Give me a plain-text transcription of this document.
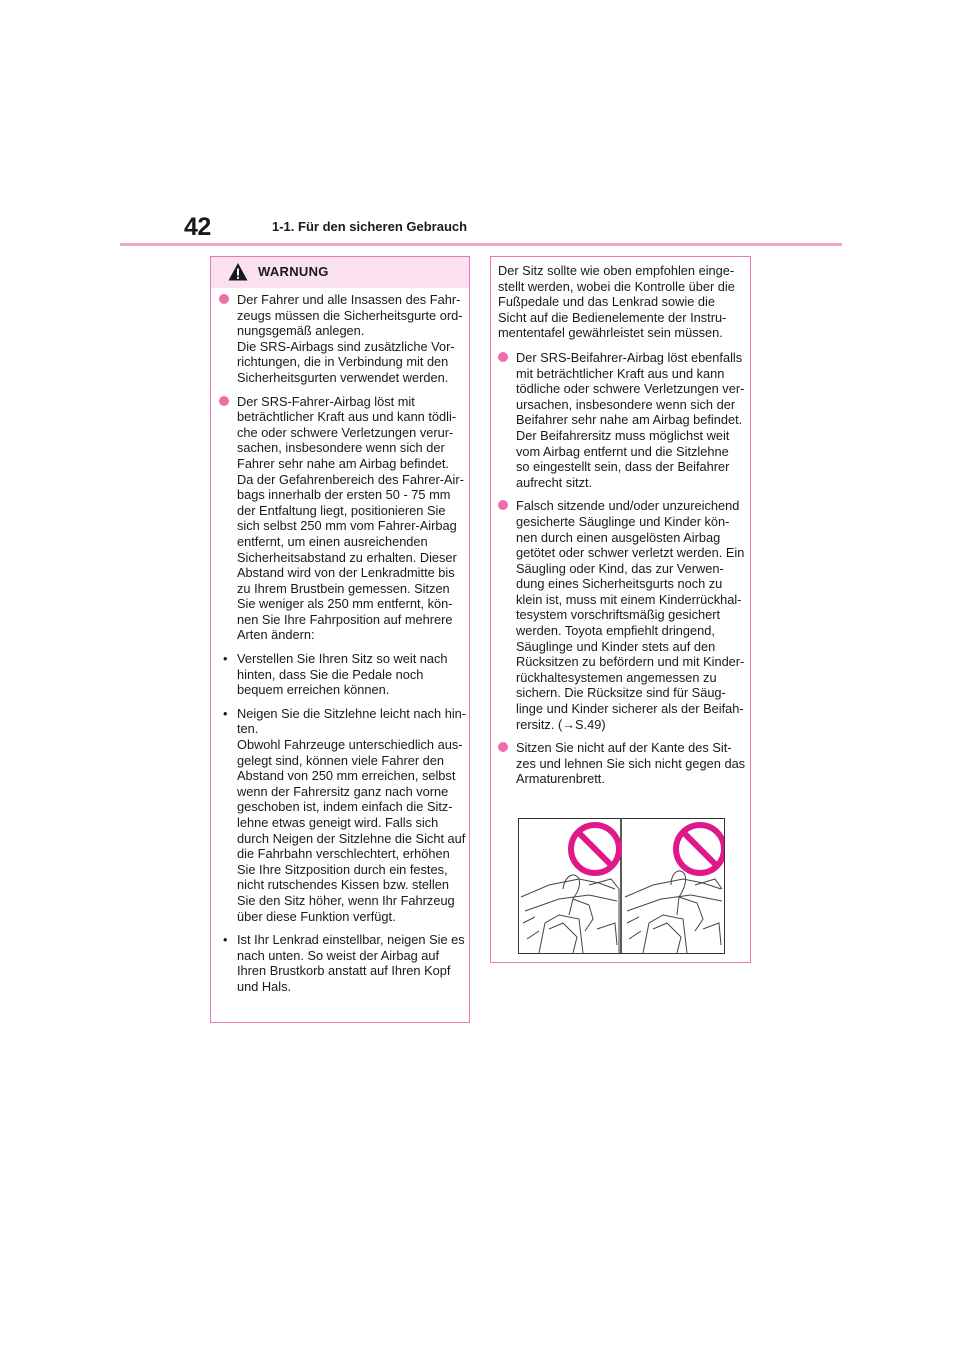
42	1-1. Für den sicheren Gebrauch
WARNUNG
Der Fahrer und alle Insassen des Fahr-
zeugs müssen die Sicherheitsgurte ord-
nungsgemäß anlegen.
Die SRS-Airbags sind zusätzliche Vor-
richtungen, die in Verbindung mit den
Sicherheitsgurten verwendet werden.
Der SRS-Fahrer-Airbag löst mit
beträchtlicher Kraft aus und kann tödli-
che oder schwere Verletzungen verur-
sachen, insbesondere wenn sich der
Fahrer sehr nahe am Airbag befindet.
Da der Gefahrenbereich des Fahrer-Air-
bags innerhalb der ersten 50 - 75 mm
der Entfaltung liegt, positionieren Sie
sich selbst 250 mm vom Fahrer-Airbag
entfernt, um einen ausreichenden
Sicherheitsabstand zu erhalten. Dieser
Abstand wird von der Lenkradmitte bis
zu Ihrem Brustbein gemessen. Sitzen
Sie weniger als 250 mm entfernt, kön-
nen Sie Ihre Fahrposition auf mehrere
Arten ändern:
• Verstellen Sie Ihren Sitz so weit nach
hinten, dass Sie die Pedale noch
bequem erreichen können.
• Neigen Sie die Sitzlehne leicht nach hin-
ten.
Obwohl Fahrzeuge unterschiedlich aus-
gelegt sind, können viele Fahrer den
Abstand von 250 mm erreichen, selbst
wenn der Fahrersitz ganz nach vorne
geschoben ist, indem einfach die Sitz-
lehne etwas geneigt wird. Falls sich
durch Neigen der Sitzlehne die Sicht auf
die Fahrbahn verschlechtert, erhöhen
Sie Ihre Sitzposition durch ein festes,
nicht rutschendes Kissen bzw. stellen
Sie den Sitz höher, wenn Ihr Fahrzeug
über diese Funktion verfügt.
• Ist Ihr Lenkrad einstellbar, neigen Sie es
nach unten. So weist der Airbag auf
Ihren Brustkorb anstatt auf Ihren Kopf
und Hals.
Der Sitz sollte wie oben empfohlen einge-
stellt werden, wobei die Kontrolle über die
Fußpedale und das Lenkrad sowie die
Sicht auf die Bedienelemente der Instru-
mententafel gewährleistet sein müssen.
Der SRS-Beifahrer-Airbag löst ebenfalls
mit beträchtlicher Kraft aus und kann
tödliche oder schwere Verletzungen ver-
ursachen, insbesondere wenn sich der
Beifahrer sehr nahe am Airbag befindet.
Der Beifahrersitz muss möglichst weit
vom Airbag entfernt und die Sitzlehne
so eingestellt sein, dass der Beifahrer
aufrecht sitzt.
Falsch sitzende und/oder unzureichend
gesicherte Säuglinge und Kinder kön-
nen durch einen ausgelösten Airbag
getötet oder schwer verletzt werden. Ein
Säugling oder Kind, das zur Verwen-
dung eines Sicherheitsgurts noch zu
klein ist, muss mit einem Kinderrückhal-
tesystem vorschriftsmäßig gesichert
werden. Toyota empfiehlt dringend,
Säuglinge und Kinder stets auf den
Rücksitzen zu befördern und mit Kinder-
rückhaltesystemen angemessen zu
sichern. Die Rücksitze sind für Säug-
linge und Kinder sicherer als der Beifah-
rersitz. (→S.49)
Sitzen Sie nicht auf der Kante des Sit-
zes und lehnen Sie sich nicht gegen das
Armaturenbrett.
